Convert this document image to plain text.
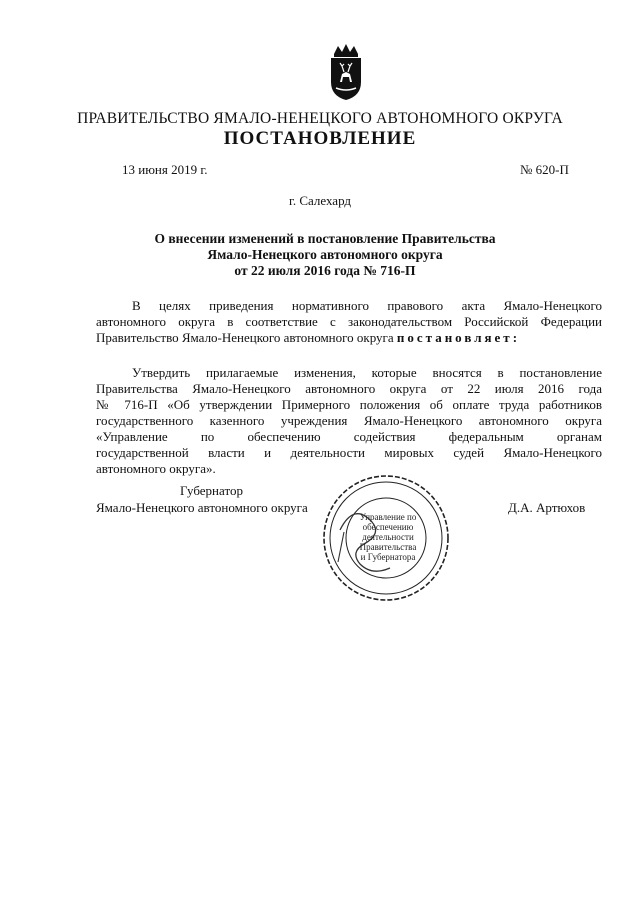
ПРАВИТЕЛЬСТВО ЯМАЛО-НЕНЕЦКОГО АВТОНОМНОГО ОКРУГА
ПОСТАНОВЛЕНИЕ
13 июня 2019 г.	№ 620-П
г. Салехард
О внесении изменений в постановление Правительства
Ямало-Ненецкого автономного округа
от 22 июля 2016 года № 716-П
В целях приведения нормативного правового акта Ямало-Ненецкого
автономного округа в соответствие с законодательством Российской Федерации
Правительство Ямало-Ненецкого автономного округа постановляет:
Утвердить прилагаемые изменения, которые вносятся в постановление
Правительства Ямало-Ненецкого автономного округа от 22 июля 2016 года
№ 716-П «Об утверждении Примерного положения об оплате труда работников
государственного казенного учреждения Ямало-Ненецкого автономного округа
«Управление по обеспечению содействия федеральным органам
государственной власти и деятельности мировых судей Ямало-Ненецкого
автономного округа».
Губернатор
Ямало-Ненецкого автономного округа	Д.А. Артюхов
Управление по
обеспечению
деятельности
Правительства
и Губернатора
